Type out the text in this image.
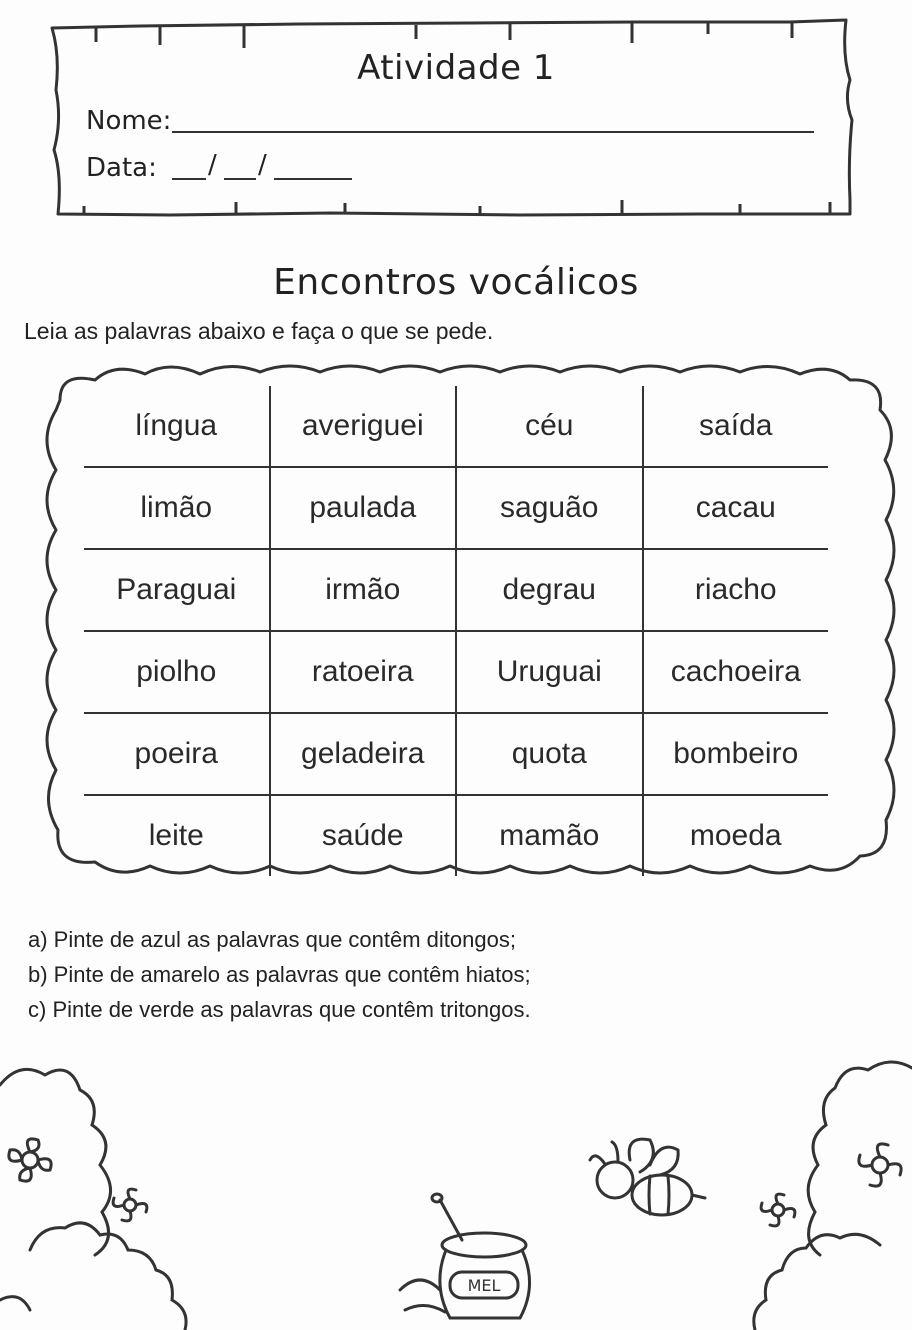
Atividade 1
Nome:
Data: / /
Encontros vocálicos
Leia as palavras abaixo e faça o que se pede.
língua	averiguei	céu	saída
limão	paulada	saguão	cacau
Paraguai	irmão	degrau	riacho
piolho	ratoeira	Uruguai	cachoeira
poeira	geladeira	quota	bombeiro
leite	saúde	mamão	moeda
a) Pinte de azul as palavras que contêm ditongos;
b) Pinte de amarelo as palavras que contêm hiatos;
c) Pinte de verde as palavras que contêm tritongos.
MEL
